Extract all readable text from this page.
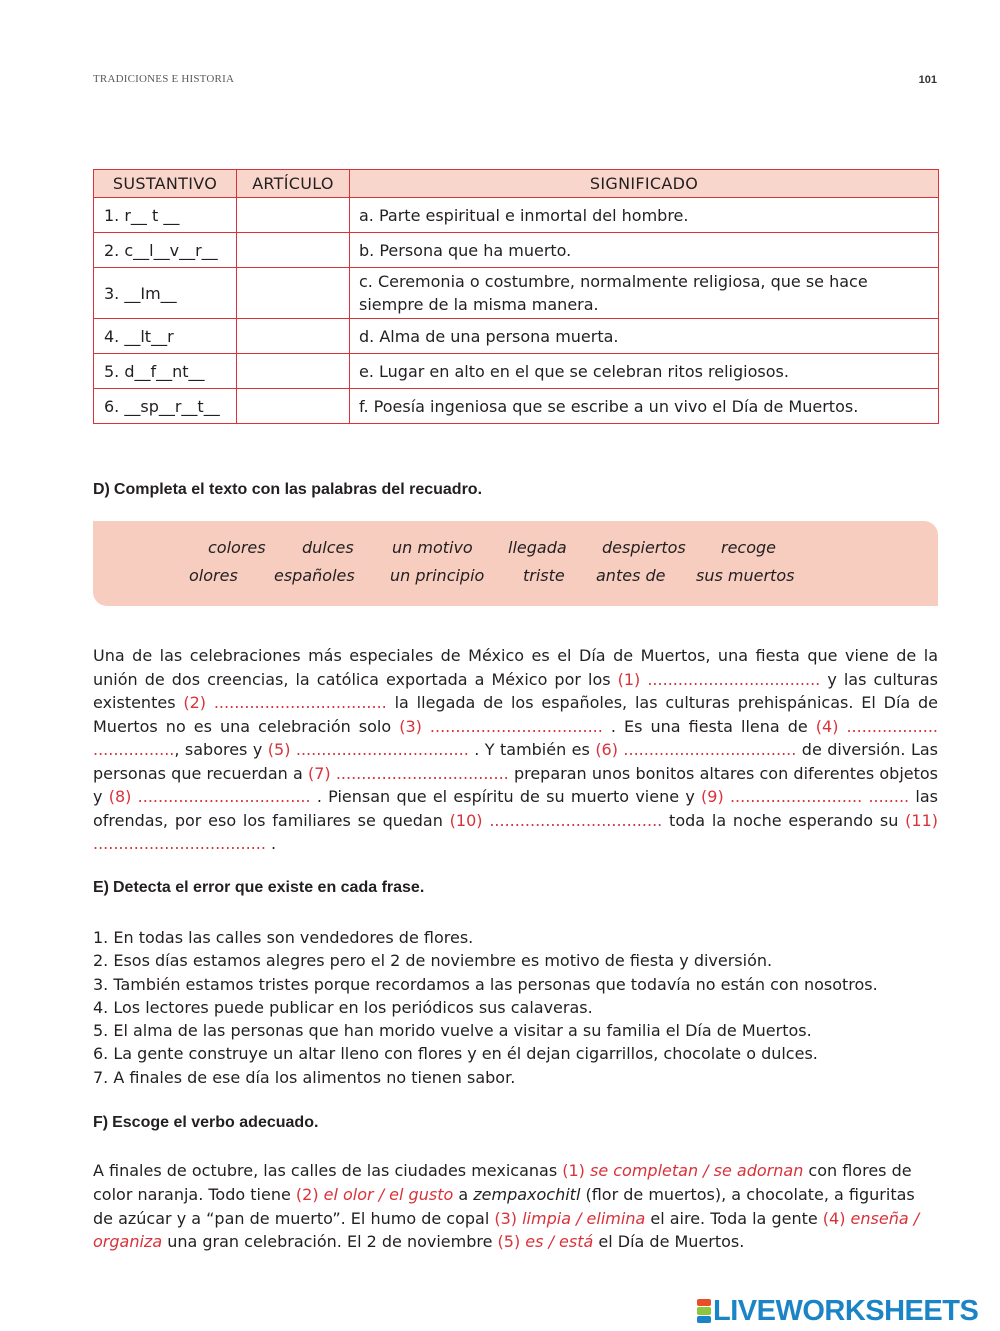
TRADICIONES E HISTORIA	101
SUSTANTIVO	ARTÍCULO	SIGNIFICADO
1. r__ t __		a. Parte espiritual e inmortal del hombre.
2. c__l__v__r__		b. Persona que ha muerto.
3. __Im__		c. Ceremonia o costumbre, normalmente religiosa, que se hace siempre de la misma manera.
4. __lt__r		d. Alma de una persona muerta.
5. d__f__nt__		e. Lugar en alto en el que se celebran ritos religiosos.
6. __sp__r__t__		f. Poesía ingeniosa que se escribe a un vivo el Día de Muertos.
D) Completa el texto con las palabras del recuadro.
colores dulces un motivo llegada despiertos recoge
olores españoles un principio triste antes de sus muertos
Una de las celebraciones más especiales de México es el Día de Muertos, una fiesta que viene de la unión de dos creencias, la católica exportada a México por los (1) .................................. y las culturas existentes (2) .................................. la llegada de los españoles, las culturas prehispánicas. El Día de Muertos no es una celebración solo (3) .................................. . Es una fiesta llena de (4) .................. ................, sabores y (5) .................................. . Y también es (6) .................................. de diversión. Las personas que recuerdan a (7) .................................. preparan unos bonitos altares con diferentes objetos y (8) .................................. . Piensan que el espíritu de su muerto viene y (9) .......................... ........ las ofrendas, por eso los familiares se quedan (10) .................................. toda la noche esperando su (11) .................................. .
E) Detecta el error que existe en cada frase.
1. En todas las calles son vendedores de flores.
2. Esos días estamos alegres pero el 2 de noviembre es motivo de fiesta y diversión.
3. También estamos tristes porque recordamos a las personas que todavía no están con nosotros.
4. Los lectores puede publicar en los periódicos sus calaveras.
5. El alma de las personas que han morido vuelve a visitar a su familia el Día de Muertos.
6. La gente construye un altar lleno con flores y en él dejan cigarrillos, chocolate o dulces.
7. A finales de ese día los alimentos no tienen sabor.
F) Escoge el verbo adecuado.
A finales de octubre, las calles de las ciudades mexicanas (1) se completan / se adornan con flores de color naranja. Todo tiene (2) el olor / el gusto a zempaxochitl (flor de muertos), a chocolate, a figuritas de azúcar y a “pan de muerto”. El humo de copal (3) limpia / elimina el aire. Toda la gente (4) enseña / organiza una gran celebración. El 2 de noviembre (5) es / está el Día de Muertos.
LIVEWORKSHEETS
